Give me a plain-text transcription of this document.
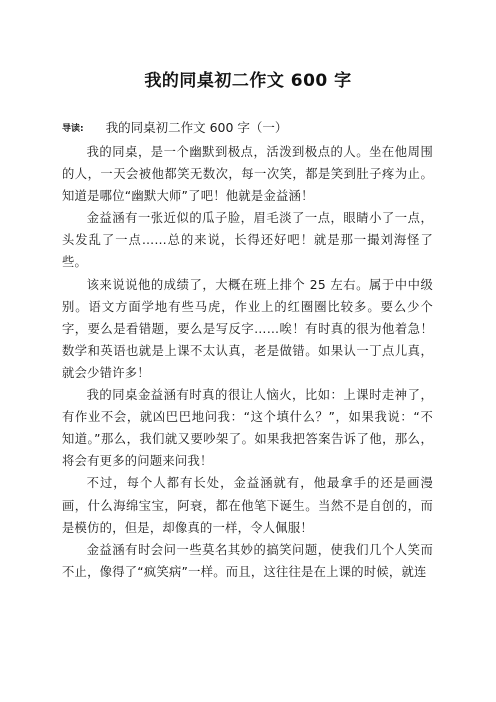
我的同桌初二作文 600 字
导读: 我的同桌初二作文 600 字（一）

我的同桌，是一个幽默到极点，活泼到极点的人。坐在他周围的人，一天会被他都笑无数次，每一次笑，都是笑到肚子疼为止。知道是哪位“幽默大师”了吧！他就是金益涵！

金益涵有一张近似的瓜子脸，眉毛淡了一点，眼睛小了一点，头发乱了一点……总的来说，长得还好吧！就是那一撮刘海怪了些。

该来说说他的成绩了，大概在班上排个 25 左右。属于中中级别。语文方面学地有些马虎，作业上的红圈圈比较多。要么少个字，要么是看错题，要么是写反字……唉！有时真的很为他着急！数学和英语也就是上课不太认真，老是做错。如果认一丁点儿真，就会少错许多！

我的同桌金益涵有时真的很让人恼火，比如：上课时走神了，有作业不会，就凶巴巴地问我：“这个填什么？”，如果我说：“不知道。”那么，我们就又要吵架了。如果我把答案告诉了他，那么，将会有更多的问题来问我！

不过，每个人都有长处，金益涵就有，他最拿手的还是画漫画，什么海绵宝宝，阿衰，都在他笔下诞生。当然不是自创的，而是模仿的，但是，却像真的一样，令人佩服！

金益涵有时会问一些莫名其妙的搞笑问题，使我们几个人笑而不止，像得了“疯笑病”一样。而且，这往往是在上课的时候，就连
